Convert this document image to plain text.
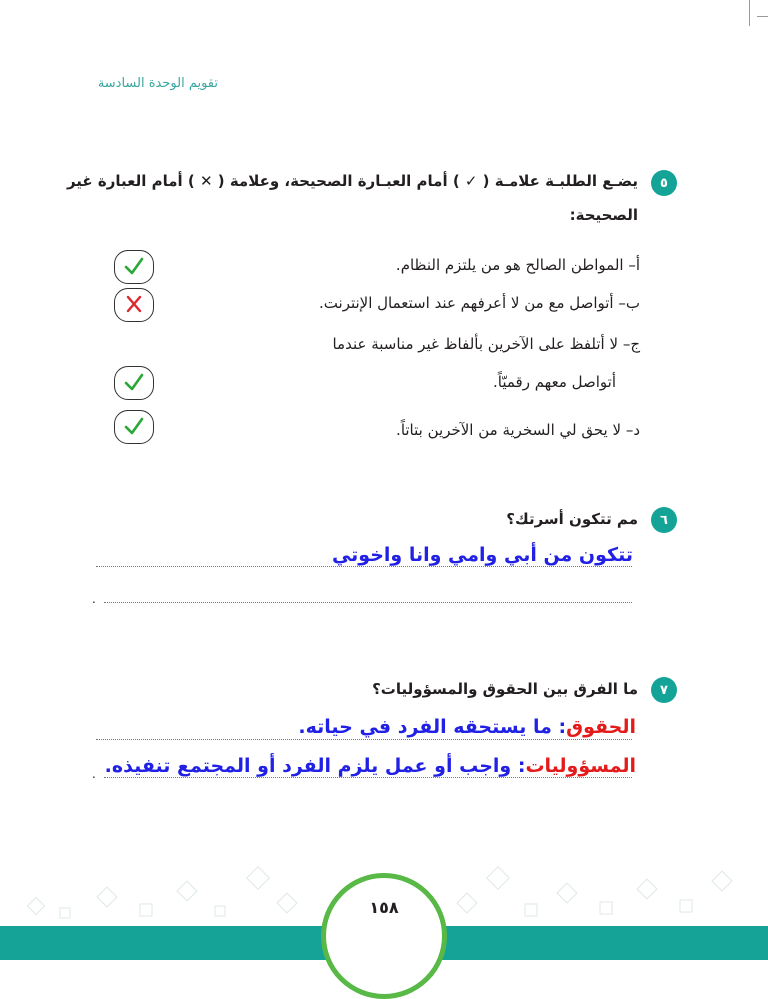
تقويم الوحدة السادسة
٥
يضـع الطلبـة علامـة ( ✓ ) أمام العبـارة الصحيحة، وعلامة ( ✕ ) أمام العبارة غير
الصحيحة:
أ– المواطن الصالح هو من يلتزم النظام.
ب– أتواصل مع من لا أعرفهم عند استعمال الإنترنت.
ج– لا أتلفظ على الآخرين بألفاظ غير مناسبة عندما
أتواصل معهم رقميّاً.
د– لا يحق لي السخرية من الآخرين بتاتاً.
٦
مم تتكون أسرتك؟
تتكون من أبي وامي وانا واخوتي
.
٧
ما الفرق بين الحقوق والمسؤوليات؟
الحقوق: ما يستحقه الفرد في حياته.
.	المسؤوليات: واجب أو عمل يلزم الفرد أو المجتمع تنفيذه.
١٥٨
